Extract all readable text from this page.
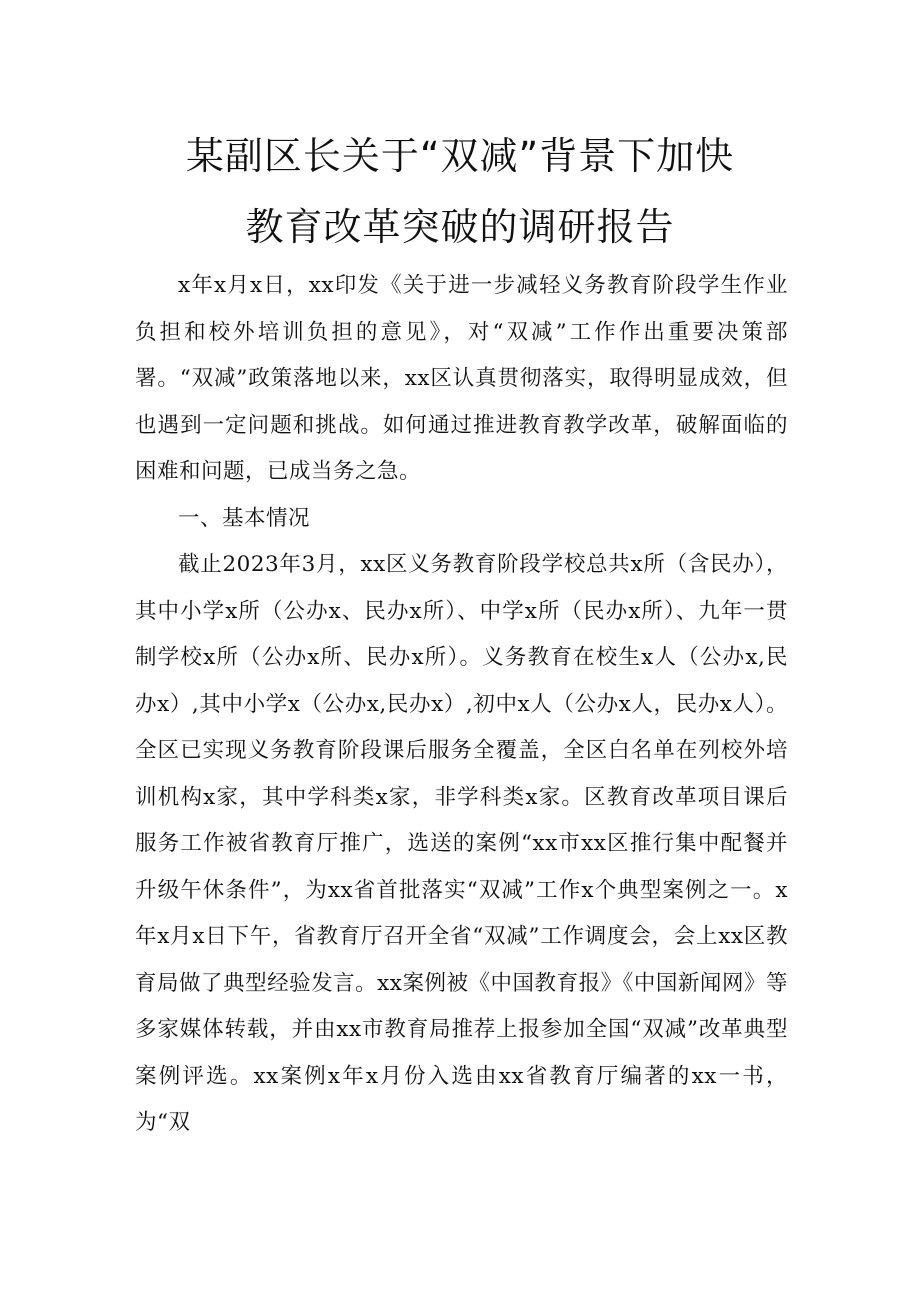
某副区长关于“双减”背景下加快
教育改革突破的调研报告

x年x月x日，xx印发《关于进一步减轻义务教育阶段学生作业负担和校外培训负担的意见》，对“双减”工作作出重要决策部署。“双减”政策落地以来，xx区认真贯彻落实，取得明显成效，但也遇到一定问题和挑战。如何通过推进教育教学改革，破解面临的困难和问题，已成当务之急。

一、基本情况

截止2023年3月，xx区义务教育阶段学校总共x所（含民办），其中小学x所（公办x、民办x所）、中学x所（民办x所）、九年一贯制学校x所（公办x所、民办x所）。义务教育在校生x人（公办x,民办x）,其中小学x（公办x,民办x）,初中x人（公办x人，民办x人）。全区已实现义务教育阶段课后服务全覆盖，全区白名单在列校外培训机构x家，其中学科类x家，非学科类x家。区教育改革项目课后服务工作被省教育厅推广，选送的案例“xx市xx区推行集中配餐并升级午休条件”，为xx省首批落实“双减”工作x个典型案例之一。x年x月x日下午，省教育厅召开全省“双减”工作调度会，会上xx区教育局做了典型经验发言。xx案例被《中国教育报》《中国新闻网》等多家媒体转载，并由xx市教育局推荐上报参加全国“双减”改革典型案例评选。xx案例x年x月份入选由xx省教育厅编著的xx一书，为“双
